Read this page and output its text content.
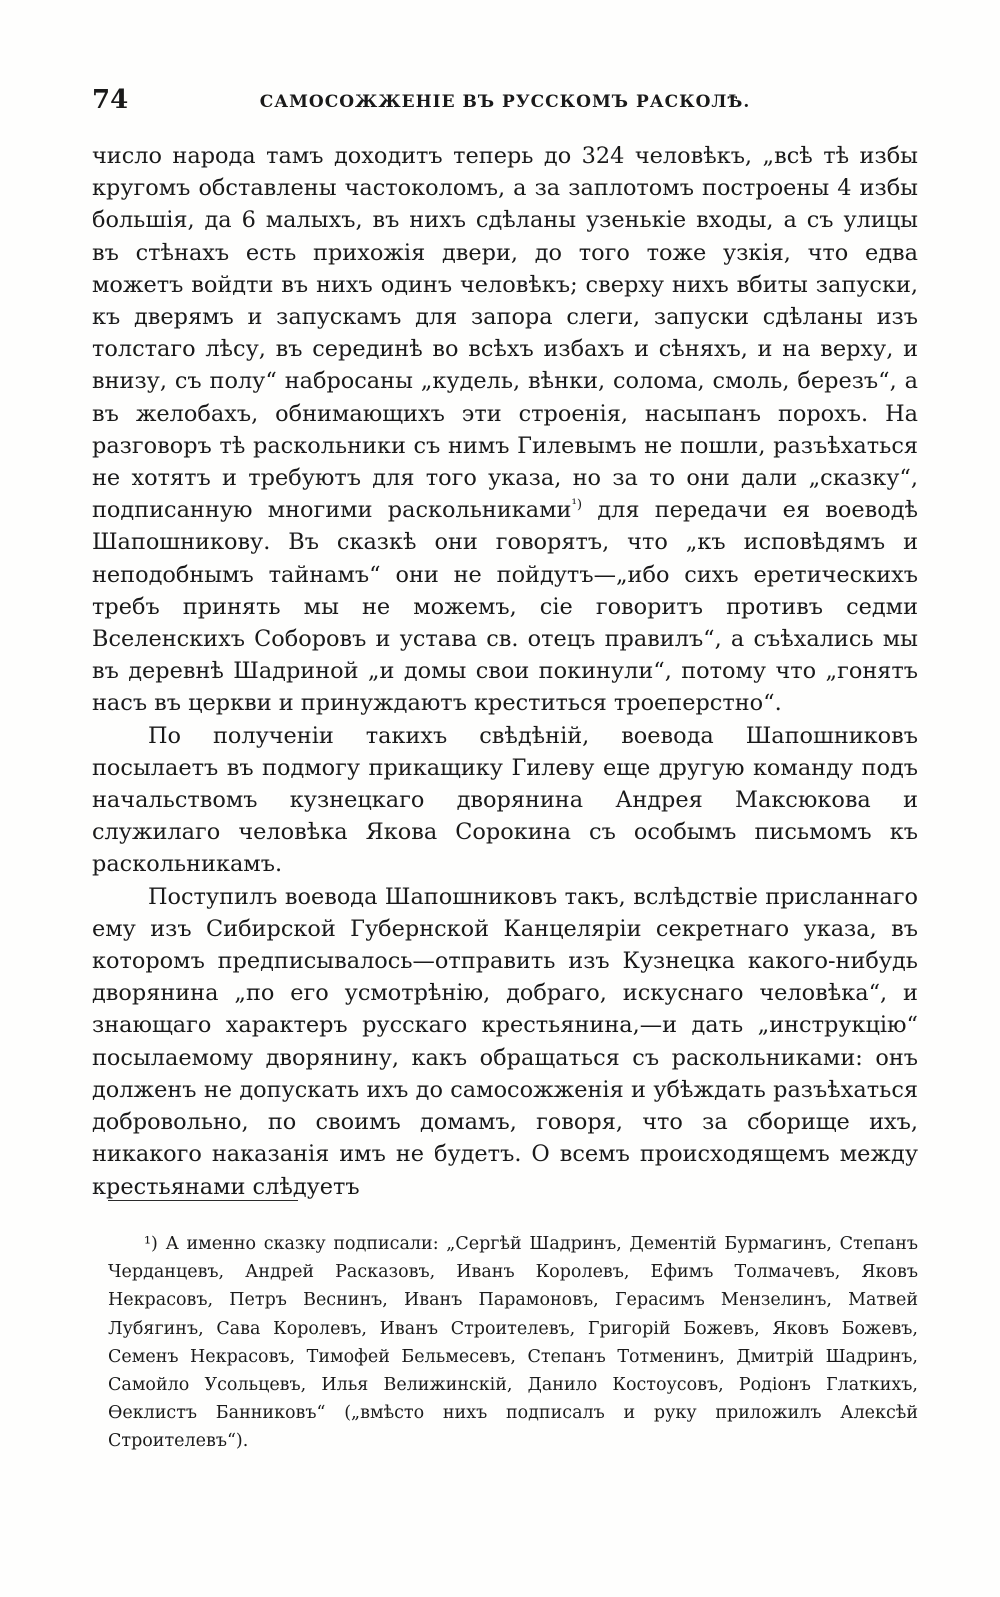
74	САМОСОЖЖЕНІЕ ВЪ РУССКОМЪ РАСКОЛѢ.

число народа тамъ доходитъ теперь до 324 человѣкъ, „всѣ тѣ избы кругомъ обставлены частоколомъ, а за заплотомъ построены 4 избы большія, да 6 малыхъ, въ нихъ сдѣланы узенькіе входы, а съ улицы въ стѣнахъ есть прихожія двери, до того тоже узкія, что едва можетъ войдти въ нихъ одинъ человѣкъ; сверху нихъ вбиты запуски, къ дверямъ и запускамъ для запора слеги, запуски сдѣланы изъ толстаго лѣсу, въ серединѣ во всѣхъ избахъ и сѣняхъ, и на верху, и внизу, съ полу“ набросаны „кудель, вѣнки, солома, смоль, березъ“, а въ желобахъ, обнимающихъ эти строенія, насыпанъ порохъ. На разговоръ тѣ раскольники съ нимъ Гилевымъ не пошли, разъѣхаться не хотятъ и требуютъ для того указа, но за то они дали „сказку“, подписанную многими раскольниками$^{^1)}$ для передачи ея воеводѣ Шапошникову. Въ сказкѣ они говорятъ, что „къ исповѣдямъ и неподобнымъ тайнамъ“ они не пойдутъ—„ибо сихъ еретическихъ требъ принять мы не можемъ, сіе говоритъ противъ седми Вселенскихъ Соборовъ и устава св. отецъ правилъ“, а съѣхались мы въ деревнѣ Шадриной „и домы свои покинули“, потому что „гонятъ насъ въ церкви и принуждаютъ креститься троеперстно“.

По полученіи такихъ свѣдѣній, воевода Шапошниковъ посылаетъ въ подмогу прикащику Гилеву еще другую команду подъ начальствомъ кузнецкаго дворянина Андрея Максюкова и служилаго человѣка Якова Сорокина съ особымъ письмомъ къ раскольникамъ.

Поступилъ воевода Шапошниковъ такъ, вслѣдствіе присланнаго ему изъ Сибирской Губернской Канцеляріи секретнаго указа, въ которомъ предписывалось—отправить изъ Кузнецка какого-нибудь дворянина „по его усмотрѣнію, добраго, искуснаго человѣка“, и знающаго характеръ русскаго крестьянина,—и дать „инструкцію“ посылаемому дворянину, какъ обращаться съ раскольниками: онъ долженъ не допускать ихъ до самосожженія и убѣждать разъѣхаться добровольно, по своимъ домамъ, говоря, что за сборище ихъ, никакого наказанія имъ не будетъ. О всемъ происходящемъ между крестьянами слѣдуетъ

¹) А именно сказку подписали: „Сергѣй Шадринъ, Дементій Бурмагинъ, Степанъ Черданцевъ, Андрей Расказовъ, Иванъ Королевъ, Ефимъ Толмачевъ, Яковъ Некрасовъ, Петръ Веснинъ, Иванъ Парамоновъ, Герасимъ Мензелинъ, Матвей Лубягинъ, Сава Королевъ, Иванъ Строителевъ, Григорій Божевъ, Яковъ Божевъ, Семенъ Некрасовъ, Тимофей Бельмесевъ, Степанъ Тотменинъ, Дмитрій Шадринъ, Самойло Усольцевъ, Илья Велижинскій, Данило Костоусовъ, Родіонъ Глаткихъ, Ѳеклистъ Банниковъ“ („вмѣсто нихъ подписалъ и руку приложилъ Алексѣй Строителевъ“).
